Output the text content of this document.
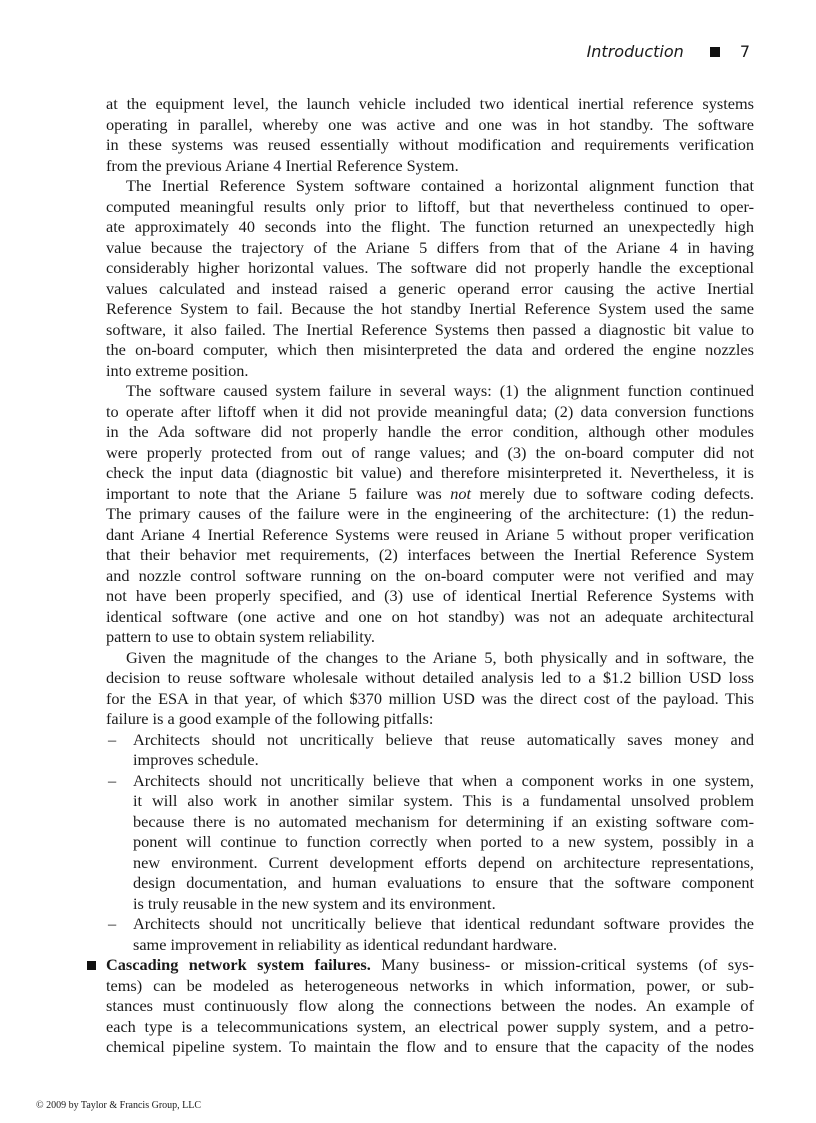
Introduction	7
at the equipment level, the launch vehicle included two identical inertial reference systems
operating in parallel, whereby one was active and one was in hot standby. The software
in these systems was reused essentially without modification and requirements verification
from the previous Ariane 4 Inertial Reference System.
The Inertial Reference System software contained a horizontal alignment function that
computed meaningful results only prior to liftoff, but that nevertheless continued to oper-
ate approximately 40 seconds into the flight. The function returned an unexpectedly high
value because the trajectory of the Ariane 5 differs from that of the Ariane 4 in having
considerably higher horizontal values. The software did not properly handle the exceptional
values calculated and instead raised a generic operand error causing the active Inertial
Reference System to fail. Because the hot standby Inertial Reference System used the same
software, it also failed. The Inertial Reference Systems then passed a diagnostic bit value to
the on-board computer, which then misinterpreted the data and ordered the engine nozzles
into extreme position.
The software caused system failure in several ways: (1) the alignment function continued
to operate after liftoff when it did not provide meaningful data; (2) data conversion functions
in the Ada software did not properly handle the error condition, although other modules
were properly protected from out of range values; and (3) the on-board computer did not
check the input data (diagnostic bit value) and therefore misinterpreted it. Nevertheless, it is
important to note that the Ariane 5 failure was not merely due to software coding defects.
The primary causes of the failure were in the engineering of the architecture: (1) the redun-
dant Ariane 4 Inertial Reference Systems were reused in Ariane 5 without proper verification
that their behavior met requirements, (2) interfaces between the Inertial Reference System
and nozzle control software running on the on-board computer were not verified and may
not have been properly specified, and (3) use of identical Inertial Reference Systems with
identical software (one active and one on hot standby) was not an adequate architectural
pattern to use to obtain system reliability.
Given the magnitude of the changes to the Ariane 5, both physically and in software, the
decision to reuse software wholesale without detailed analysis led to a $1.2 billion USD loss
for the ESA in that year, of which $370 million USD was the direct cost of the payload. This
failure is a good example of the following pitfalls:
– Architects should not uncritically believe that reuse automatically saves money and
improves schedule.
– Architects should not uncritically believe that when a component works in one system,
it will also work in another similar system. This is a fundamental unsolved problem
because there is no automated mechanism for determining if an existing software com-
ponent will continue to function correctly when ported to a new system, possibly in a
new environment. Current development efforts depend on architecture representations,
design documentation, and human evaluations to ensure that the software component
is truly reusable in the new system and its environment.
– Architects should not uncritically believe that identical redundant software provides the
same improvement in reliability as identical redundant hardware.
Cascading network system failures. Many business- or mission-critical systems (of sys-
tems) can be modeled as heterogeneous networks in which information, power, or sub-
stances must continuously flow along the connections between the nodes. An example of
each type is a telecommunications system, an electrical power supply system, and a petro-
chemical pipeline system. To maintain the flow and to ensure that the capacity of the nodes
© 2009 by Taylor & Francis Group, LLC
